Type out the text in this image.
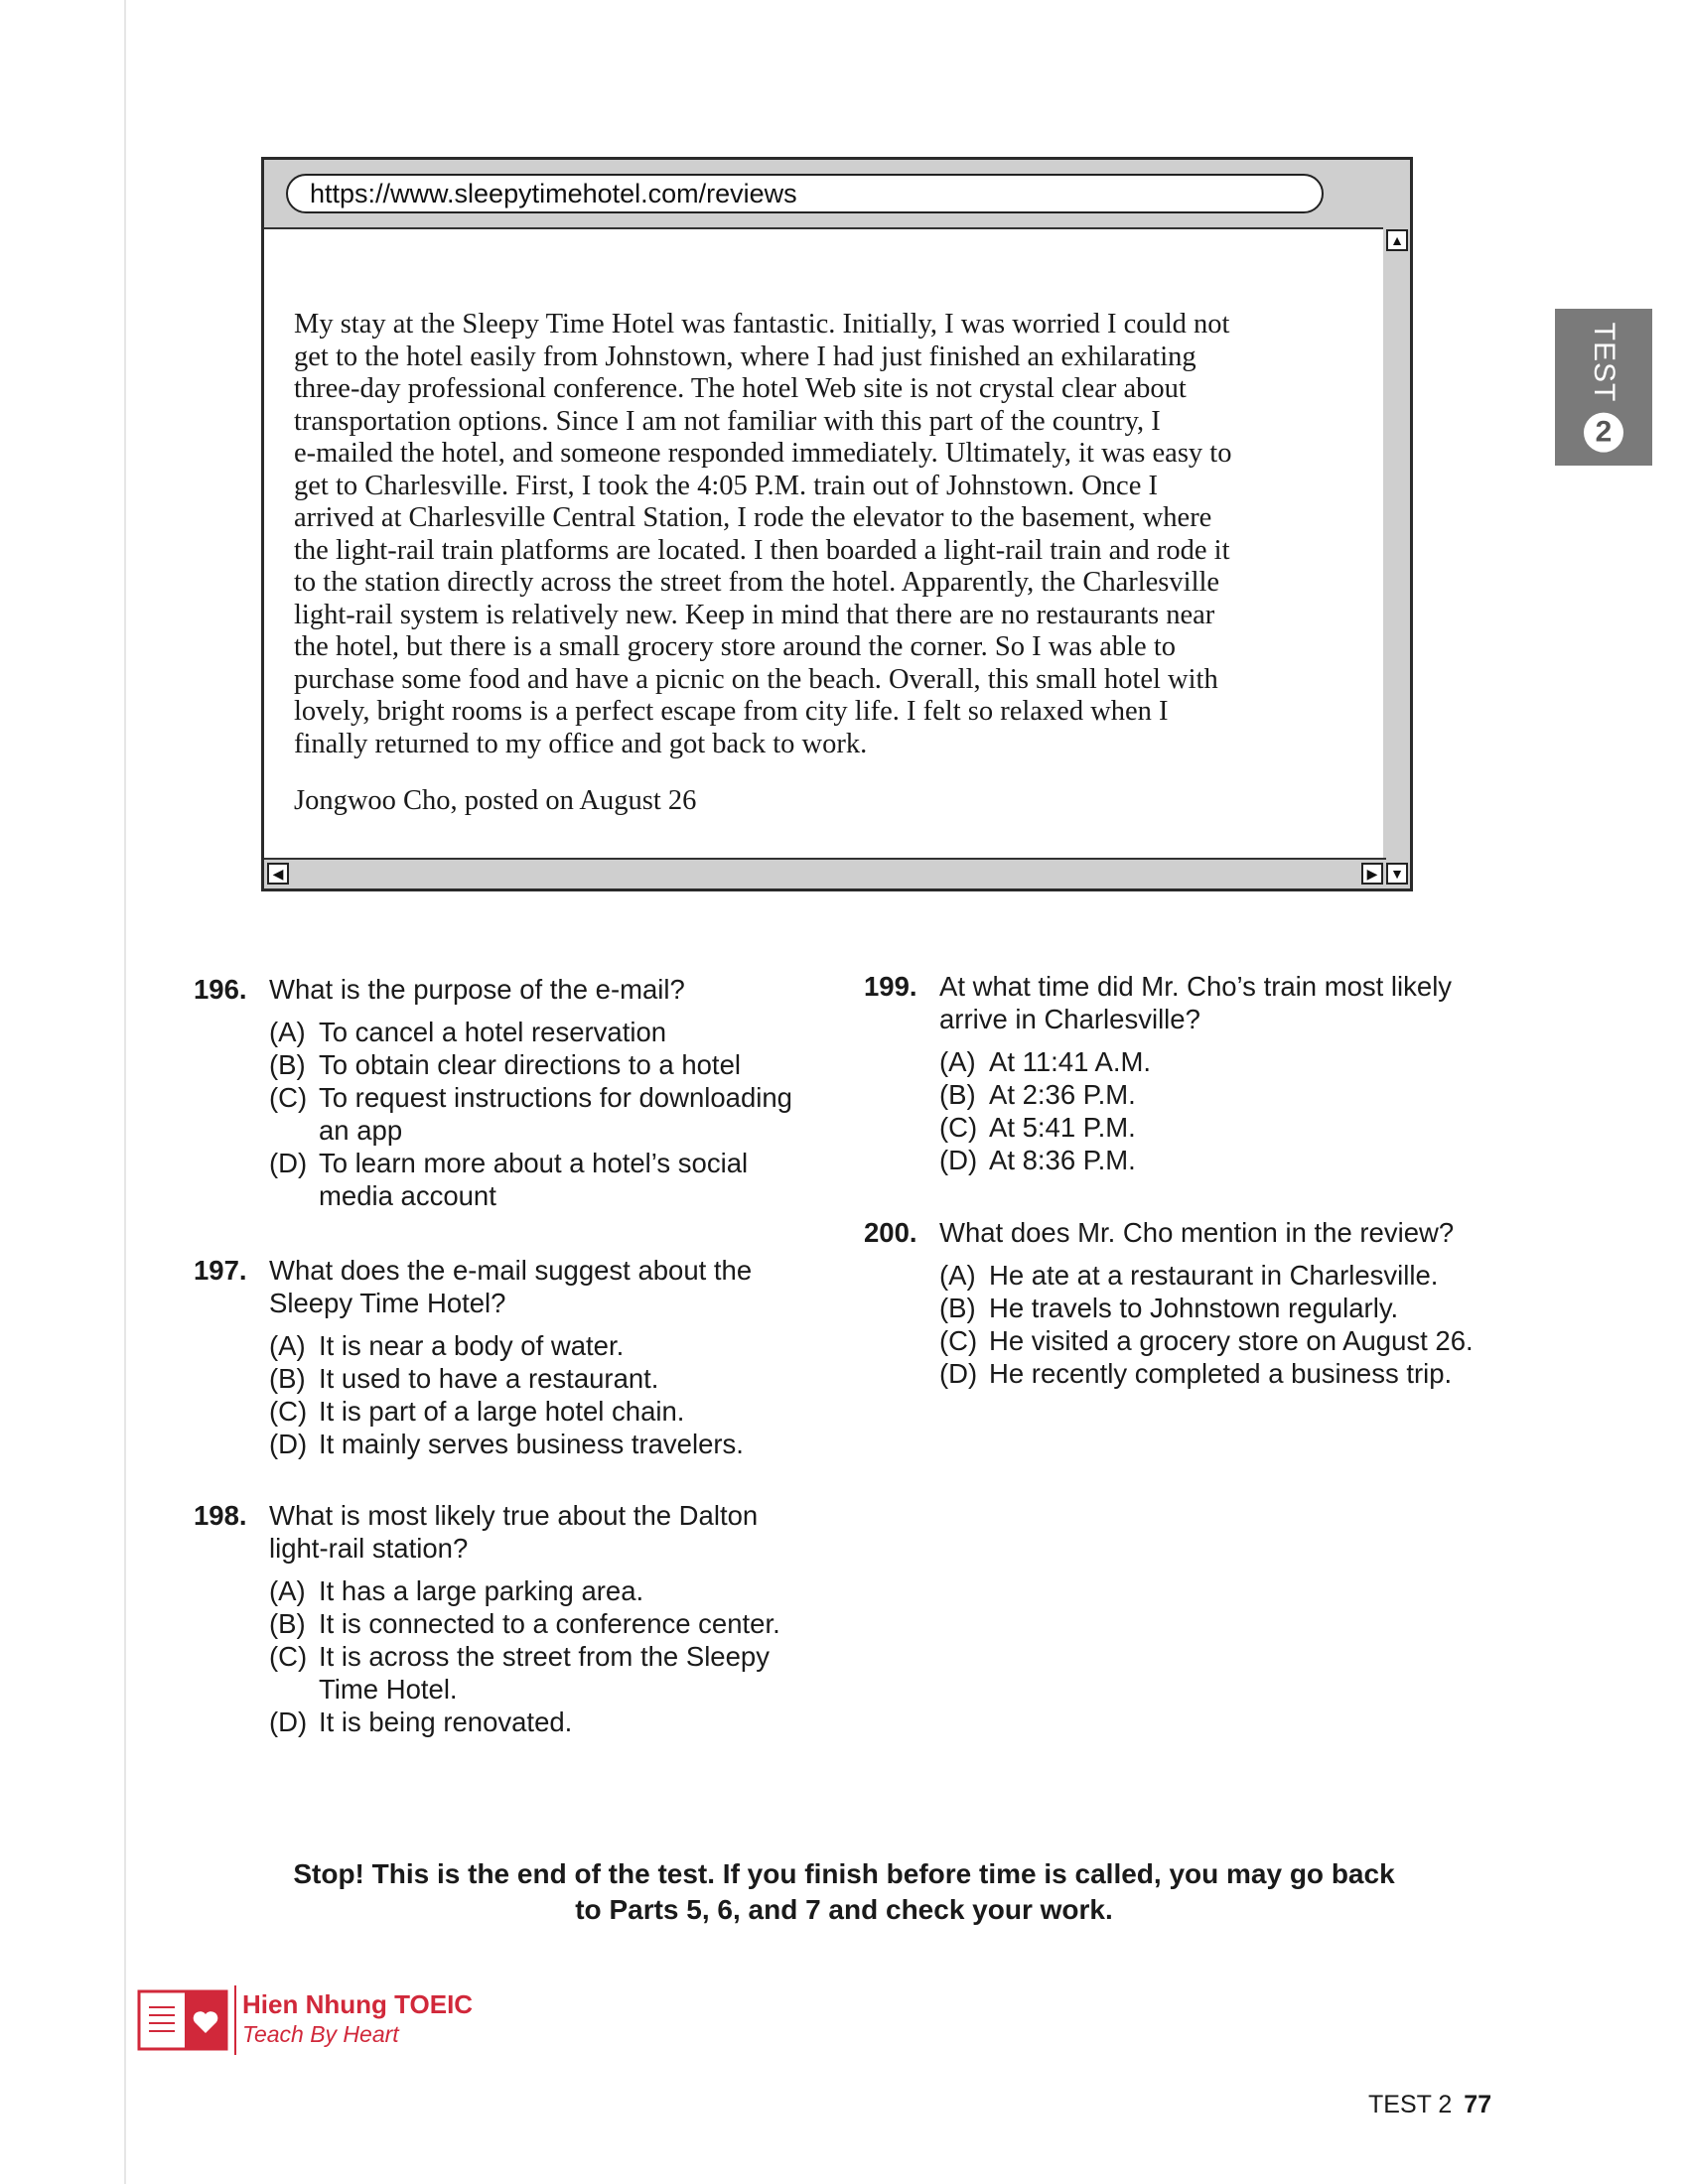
https://www.sleepytimehotel.com/reviews

My stay at the Sleepy Time Hotel was fantastic. Initially, I was worried I could not

get to the hotel easily from Johnstown, where I had just finished an exhilarating

three-day professional conference. The hotel Web site is not crystal clear about

transportation options. Since I am not familiar with this part of the country, I

e-mailed the hotel, and someone responded immediately. Ultimately, it was easy to

get to Charlesville. First, I took the 4:05 P.M. train out of Johnstown. Once I

arrived at Charlesville Central Station, I rode the elevator to the basement, where

the light-rail train platforms are located. I then boarded a light-rail train and rode it

to the station directly across the street from the hotel. Apparently, the Charlesville

light-rail system is relatively new. Keep in mind that there are no restaurants near

the hotel, but there is a small grocery store around the corner. So I was able to

purchase some food and have a picnic on the beach. Overall, this small hotel with

lovely, bright rooms is a perfect escape from city life. I felt so relaxed when I

finally returned to my office and got back to work.

Jongwoo Cho, posted on August 26
▲
◀	▶ ▼
TEST
2
196. What is the purpose of the e-mail?
(A) To cancel a hotel reservation
(B) To obtain clear directions to a hotel
(C) To request instructions for downloading an app
(D) To learn more about a hotel’s social media account
197. What does the e-mail suggest about the Sleepy Time Hotel?
(A) It is near a body of water.
(B) It used to have a restaurant.
(C) It is part of a large hotel chain.
(D) It mainly serves business travelers.
198. What is most likely true about the Dalton light-rail station?
(A) It has a large parking area.
(B) It is connected to a conference center.
(C) It is across the street from the Sleepy Time Hotel.
(D) It is being renovated.
199. At what time did Mr. Cho’s train most likely arrive in Charlesville?
(A) At 11:41 A.M.
(B) At 2:36 P.M.
(C) At 5:41 P.M.
(D) At 8:36 P.M.
200. What does Mr. Cho mention in the review?
(A) He ate at a restaurant in Charlesville.
(B) He travels to Johnstown regularly.
(C) He visited a grocery store on August 26.
(D) He recently completed a business trip.
Stop! This is the end of the test. If you finish before time is called, you may go back to Parts 5, 6, and 7 and check your work.
Hien Nhung TOEIC
Teach By Heart
TEST 2 77
